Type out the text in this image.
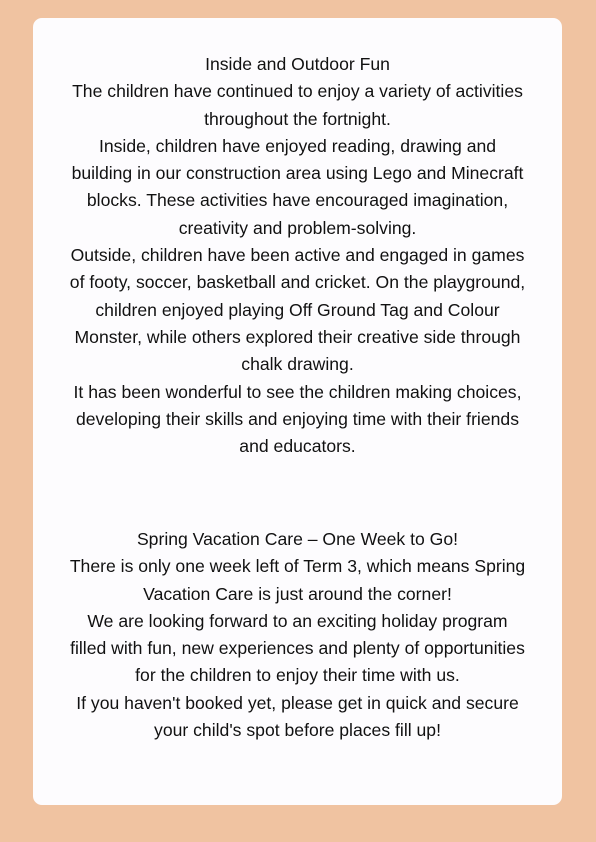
Inside and Outdoor Fun
The children have continued to enjoy a variety of activities
throughout the fortnight.
Inside, children have enjoyed reading, drawing and
building in our construction area using Lego and Minecraft
blocks. These activities have encouraged imagination,
creativity and problem-solving.
Outside, children have been active and engaged in games
of footy, soccer, basketball and cricket. On the playground,
children enjoyed playing Off Ground Tag and Colour
Monster, while others explored their creative side through
chalk drawing.
It has been wonderful to see the children making choices,
developing their skills and enjoying time with their friends
and educators.
Spring Vacation Care – One Week to Go!
There is only one week left of Term 3, which means Spring
Vacation Care is just around the corner!
We are looking forward to an exciting holiday program
filled with fun, new experiences and plenty of opportunities
for the children to enjoy their time with us.
If you haven't booked yet, please get in quick and secure
your child's spot before places fill up!
